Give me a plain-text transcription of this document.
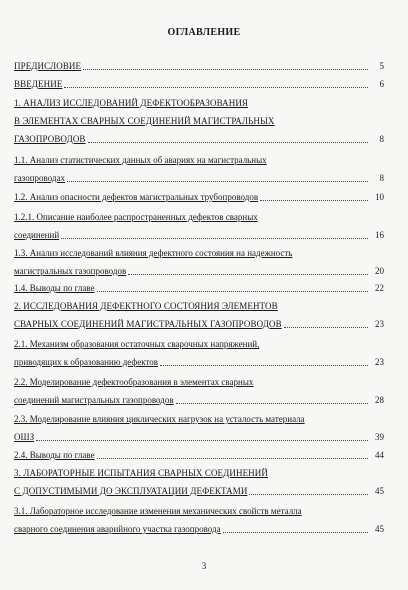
ОГЛАВЛЕНИЕ
ПРЕДИСЛОВИЕ	5
ВВЕДЕНИЕ	6
1. АНАЛИЗ ИССЛЕДОВАНИЙ ДЕФЕКТООБРАЗОВАНИЯ
В ЭЛЕМЕНТАХ СВАРНЫХ СОЕДИНЕНИЙ МАГИСТРАЛЬНЫХ
ГАЗОПРОВОДОВ	8
1.1. Анализ статистических данных об авариях на магистральных
газопроводах	8
1.2. Анализ опасности дефектов магистральных трубопроводов	10
1.2.1. Описание наиболее распространенных дефектов сварных
соединений	16
1.3. Анализ исследований влияния дефектного состояния на надежность
магистральных газопроводов	20
1.4. Выводы по главе	22
2. ИССЛЕДОВАНИЯ ДЕФЕКТНОГО СОСТОЯНИЯ ЭЛЕМЕНТОВ
СВАРНЫХ СОЕДИНЕНИЙ МАГИСТРАЛЬНЫХ ГАЗОПРОВОДОВ	23
2.1. Механизм образования остаточных сварочных напряжений,
приводящих к образованию дефектов	23
2.2. Моделирование дефектообразования в элементах сварных
соединений магистральных газопроводов	28
2.3. Моделирование влияния циклических нагрузок на усталость материала
ОШЗ	39
2.4. Выводы по главе	44
3. ЛАБОРАТОРНЫЕ ИСПЫТАНИЯ СВАРНЫХ СОЕДИНЕНИЙ
С ДОПУСТИМЫМИ ДО ЭКСПЛУАТАЦИИ ДЕФЕКТАМИ	45
3.1. Лабораторное исследование изменения механических свойств металла
сварного соединения аварийного участка газопровода	45
3
